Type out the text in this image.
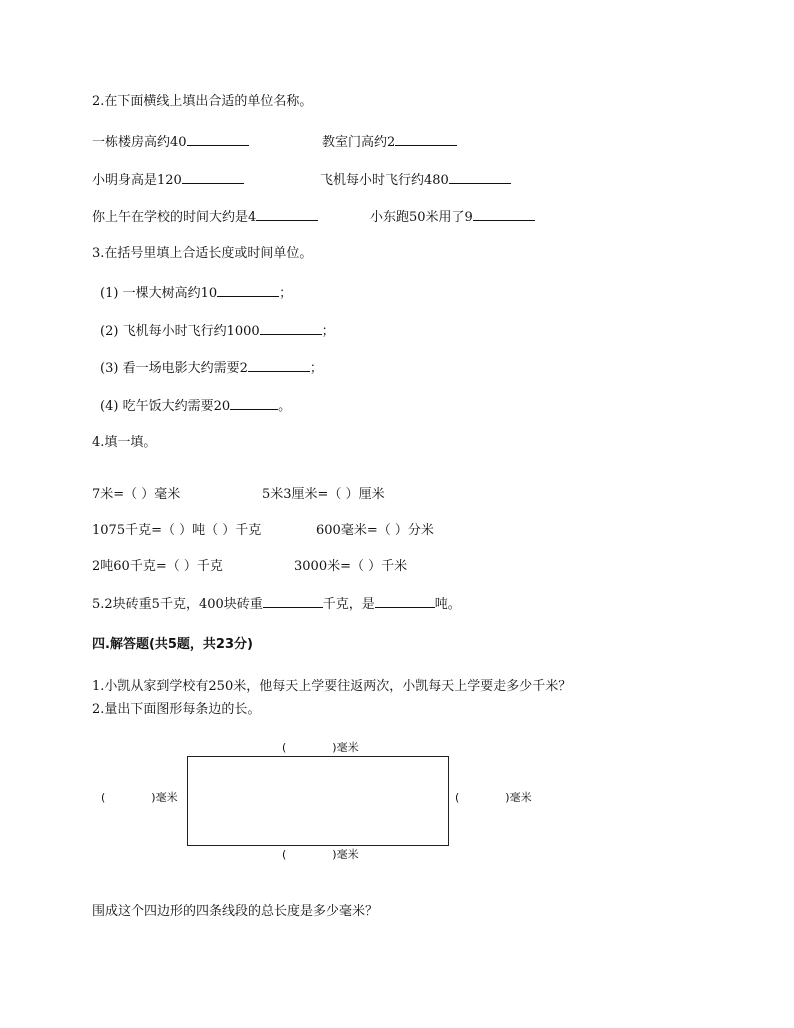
2.在下面横线上填出合适的单位名称。
一栋楼房高约40	教室门高约2
小明身高是120	飞机每小时飞行约480
你上午在学校的时间大约是4	小东跑50米用了9
3.在括号里填上合适长度或时间单位。
(1) 一棵大树高约10	；
(2) 飞机每小时飞行约1000	；
(3) 看一场电影大约需要2	；
(4) 吃午饭大约需要20	。
4.填一填。
7米=（ ）毫米	5米3厘米=（ ）厘米
1075千克=（ ）吨（ ）千克	600毫米=（ ）分米
2吨60千克=（ ）千克	3000米=（ ）千米
5.2块砖重5千克，400块砖重	千克，是	吨。
四.解答题(共5题，共23分)
1.小凯从家到学校有250米，他每天上学要往返两次，小凯每天上学要走多少千米？
2.量出下面图形每条边的长。
(	)毫米
(	)毫米	(	)毫米
(	)毫米
围成这个四边形的四条线段的总长度是多少毫米？
